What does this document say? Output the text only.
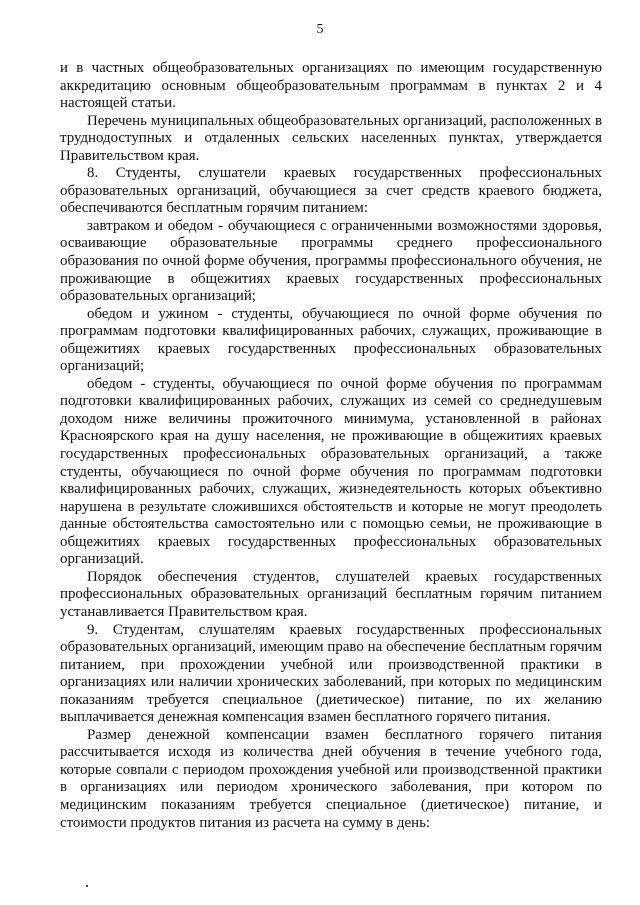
5

и в частных общеобразовательных организациях по имеющим государственную аккредитацию основным общеобразовательным программам в пунктах 2 и 4 настоящей статьи.

Перечень муниципальных общеобразовательных организаций, расположенных в труднодоступных и отдаленных сельских населенных пунктах, утверждается Правительством края.

8. Студенты, слушатели краевых государственных профессиональных образовательных организаций, обучающиеся за счет средств краевого бюджета, обеспечиваются бесплатным горячим питанием:

завтраком и обедом - обучающиеся с ограниченными возможностями здоровья, осваивающие образовательные программы среднего профессионального образования по очной форме обучения, программы профессионального обучения, не проживающие в общежитиях краевых государственных профессиональных образовательных организаций;

обедом и ужином - студенты, обучающиеся по очной форме обучения по программам подготовки квалифицированных рабочих, служащих, проживающие в общежитиях краевых государственных профессиональных образовательных организаций;

обедом - студенты, обучающиеся по очной форме обучения по программам подготовки квалифицированных рабочих, служащих из семей со среднедушевым доходом ниже величины прожиточного минимума, установленной в районах Красноярского края на душу населения, не проживающие в общежитиях краевых государственных профессиональных образовательных организаций, а также студенты, обучающиеся по очной форме обучения по программам подготовки квалифицированных рабочих, служащих, жизнедеятельность которых объективно нарушена в результате сложившихся обстоятельств и которые не могут преодолеть данные обстоятельства самостоятельно или с помощью семьи, не проживающие в общежитиях краевых государственных профессиональных образовательных организаций.

Порядок обеспечения студентов, слушателей краевых государственных профессиональных образовательных организаций бесплатным горячим питанием устанавливается Правительством края.

9. Студентам, слушателям краевых государственных профессиональных образовательных организаций, имеющим право на обеспечение бесплатным горячим питанием, при прохождении учебной или производственной практики в организациях или наличии хронических заболеваний, при которых по медицинским показаниям требуется специальное (диетическое) питание, по их желанию выплачивается денежная компенсация взамен бесплатного горячего питания.

Размер денежной компенсации взамен бесплатного горячего питания рассчитывается исходя из количества дней обучения в течение учебного года, которые совпали с периодом прохождения учебной или производственной практики в организациях или периодом хронического заболевания, при котором по медицинским показаниям требуется специальное (диетическое) питание, и стоимости продуктов питания из расчета на сумму в день:
